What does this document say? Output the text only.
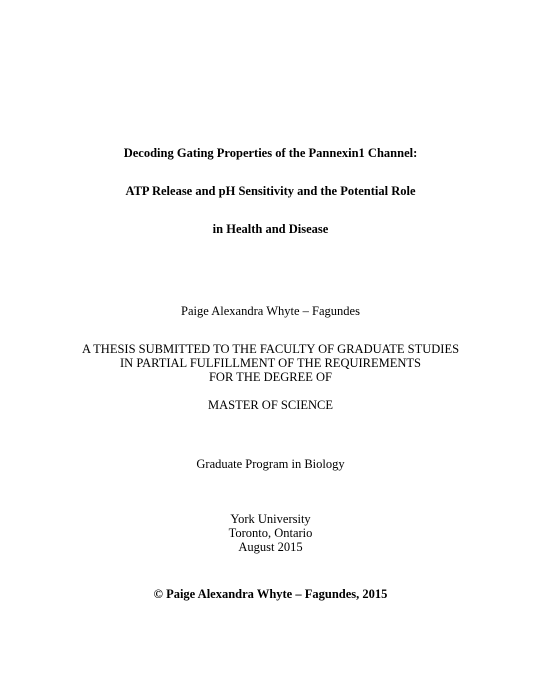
Decoding Gating Properties of the Pannexin1 Channel:
ATP Release and pH Sensitivity and the Potential Role
in Health and Disease
Paige Alexandra Whyte – Fagundes
A THESIS SUBMITTED TO THE FACULTY OF GRADUATE STUDIES
IN PARTIAL FULFILLMENT OF THE REQUIREMENTS
FOR THE DEGREE OF
MASTER OF SCIENCE
Graduate Program in Biology
York University
Toronto, Ontario
August 2015
© Paige Alexandra Whyte – Fagundes, 2015
